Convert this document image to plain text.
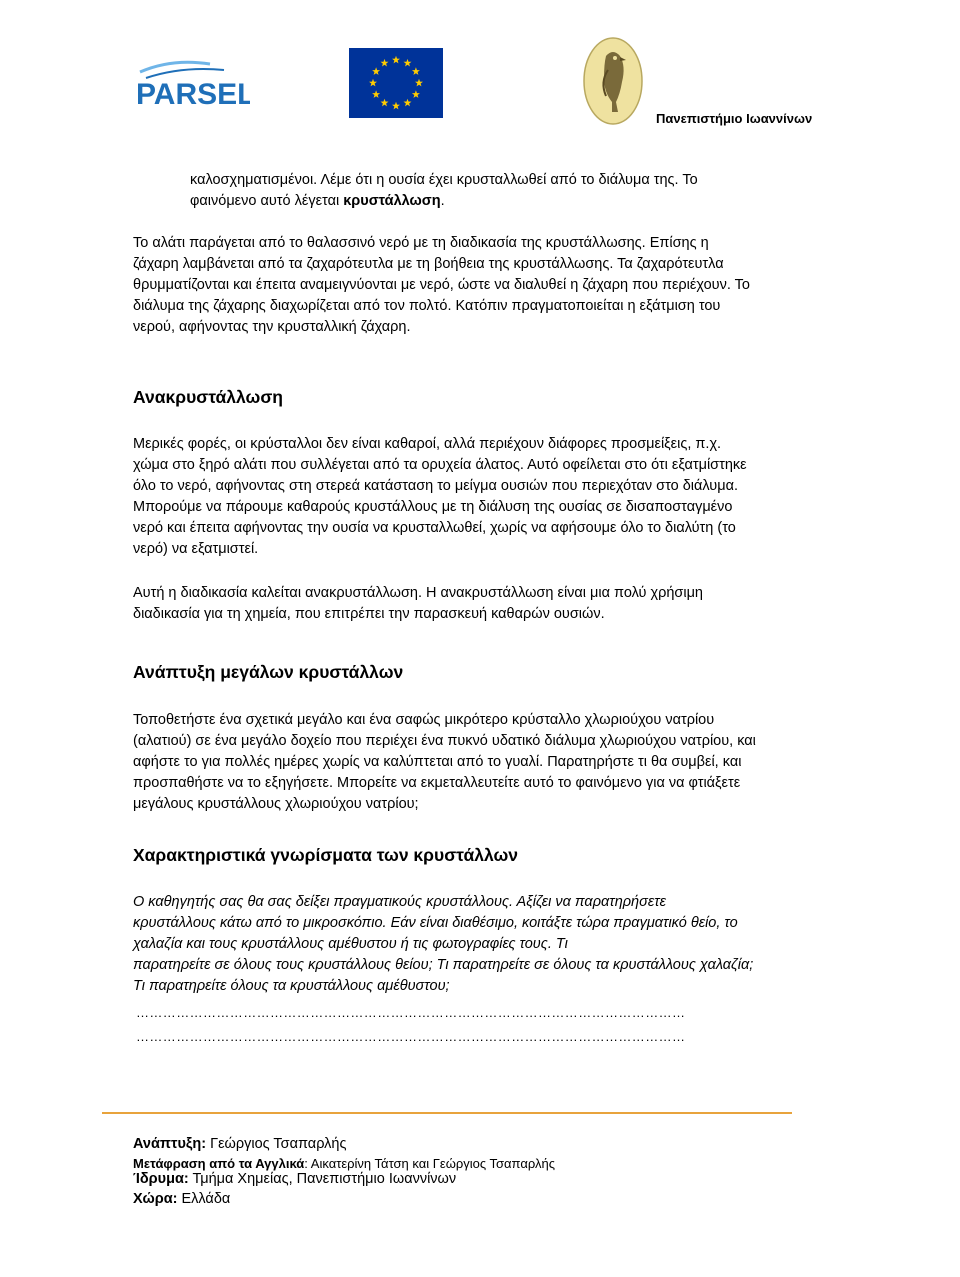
PARSEL
Πανεπιστήμιο Ιωαννίνων
καλοσχηματισμένοι. Λέμε ότι η ουσία έχει κρυσταλλωθεί από το διάλυμα της. Το
φαινόμενο αυτό λέγεται κρυστάλλωση.
Το αλάτι παράγεται από το θαλασσινό νερό με τη διαδικασία της κρυστάλλωσης. Επίσης η
ζάχαρη λαμβάνεται από τα ζαχαρότευτλα με τη βοήθεια της κρυστάλλωσης. Τα ζαχαρότευτλα
θρυμματίζονται και έπειτα αναμειγνύονται με νερό, ώστε να διαλυθεί η ζάχαρη που περιέχουν. Το
διάλυμα της ζάχαρης διαχωρίζεται από τον πολτό. Κατόπιν πραγματοποιείται η εξάτμιση του
νερού, αφήνοντας την κρυσταλλική ζάχαρη.
Ανακρυστάλλωση
Μερικές φορές, οι κρύσταλλοι δεν είναι καθαροί, αλλά περιέχουν διάφορες προσμείξεις, π.χ.
χώμα στο ξηρό αλάτι που συλλέγεται από τα ορυχεία άλατος. Αυτό οφείλεται στο ότι εξατμίστηκε
όλο το νερό, αφήνοντας στη στερεά κατάσταση το μείγμα ουσιών που περιεχόταν στο διάλυμα.
Μπορούμε να πάρουμε καθαρούς κρυστάλλους με τη διάλυση της ουσίας σε δισαποσταγμένο
νερό και έπειτα αφήνοντας την ουσία να κρυσταλλωθεί, χωρίς να αφήσουμε όλο το διαλύτη (το
νερό) να εξατμιστεί.
Αυτή η διαδικασία καλείται ανακρυστάλλωση. Η ανακρυστάλλωση είναι μια πολύ χρήσιμη
διαδικασία για τη χημεία, που επιτρέπει την παρασκευή καθαρών ουσιών.
Ανάπτυξη μεγάλων κρυστάλλων
Τοποθετήστε ένα σχετικά μεγάλο και ένα σαφώς μικρότερο κρύσταλλο χλωριούχου νατρίου
(αλατιού) σε ένα μεγάλο δοχείο που περιέχει ένα πυκνό υδατικό διάλυμα χλωριούχου νατρίου, και
αφήστε το για πολλές ημέρες χωρίς να καλύπτεται από το γυαλί. Παρατηρήστε τι θα συμβεί, και
προσπαθήστε να το εξηγήσετε. Μπορείτε να εκμεταλλευτείτε αυτό το φαινόμενο για να φτιάξετε
μεγάλους κρυστάλλους χλωριούχου νατρίου;
Χαρακτηριστικά γνωρίσματα των κρυστάλλων
Ο καθηγητής σας θα σας δείξει πραγματικούς κρυστάλλους. Αξίζει να παρατηρήσετε
κρυστάλλους κάτω από το μικροσκόπιο. Εάν είναι διαθέσιμο, κοιτάξτε τώρα πραγματικό θείο, το
χαλαζία και τους κρυστάλλους αμέθυστου ή τις φωτογραφίες τους. Τι
παρατηρείτε σε όλους τους κρυστάλλους θείου; Τι παρατηρείτε σε όλους τα κρυστάλλους χαλαζία;
Τι παρατηρείτε όλους τα κρυστάλλους αμέθυστου;
……………………………………………………………………………………………………………
……………………………………………………………………………………………………………
Ανάπτυξη: Γεώργιος Τσαπαρλής
Μετάφραση από τα Αγγλικά: Αικατερίνη Τάτση και Γεώργιος Τσαπαρλής
Ίδρυμα: Τμήμα Χημείας, Πανεπιστήμιο Ιωαννίνων
Χώρα: Ελλάδα
